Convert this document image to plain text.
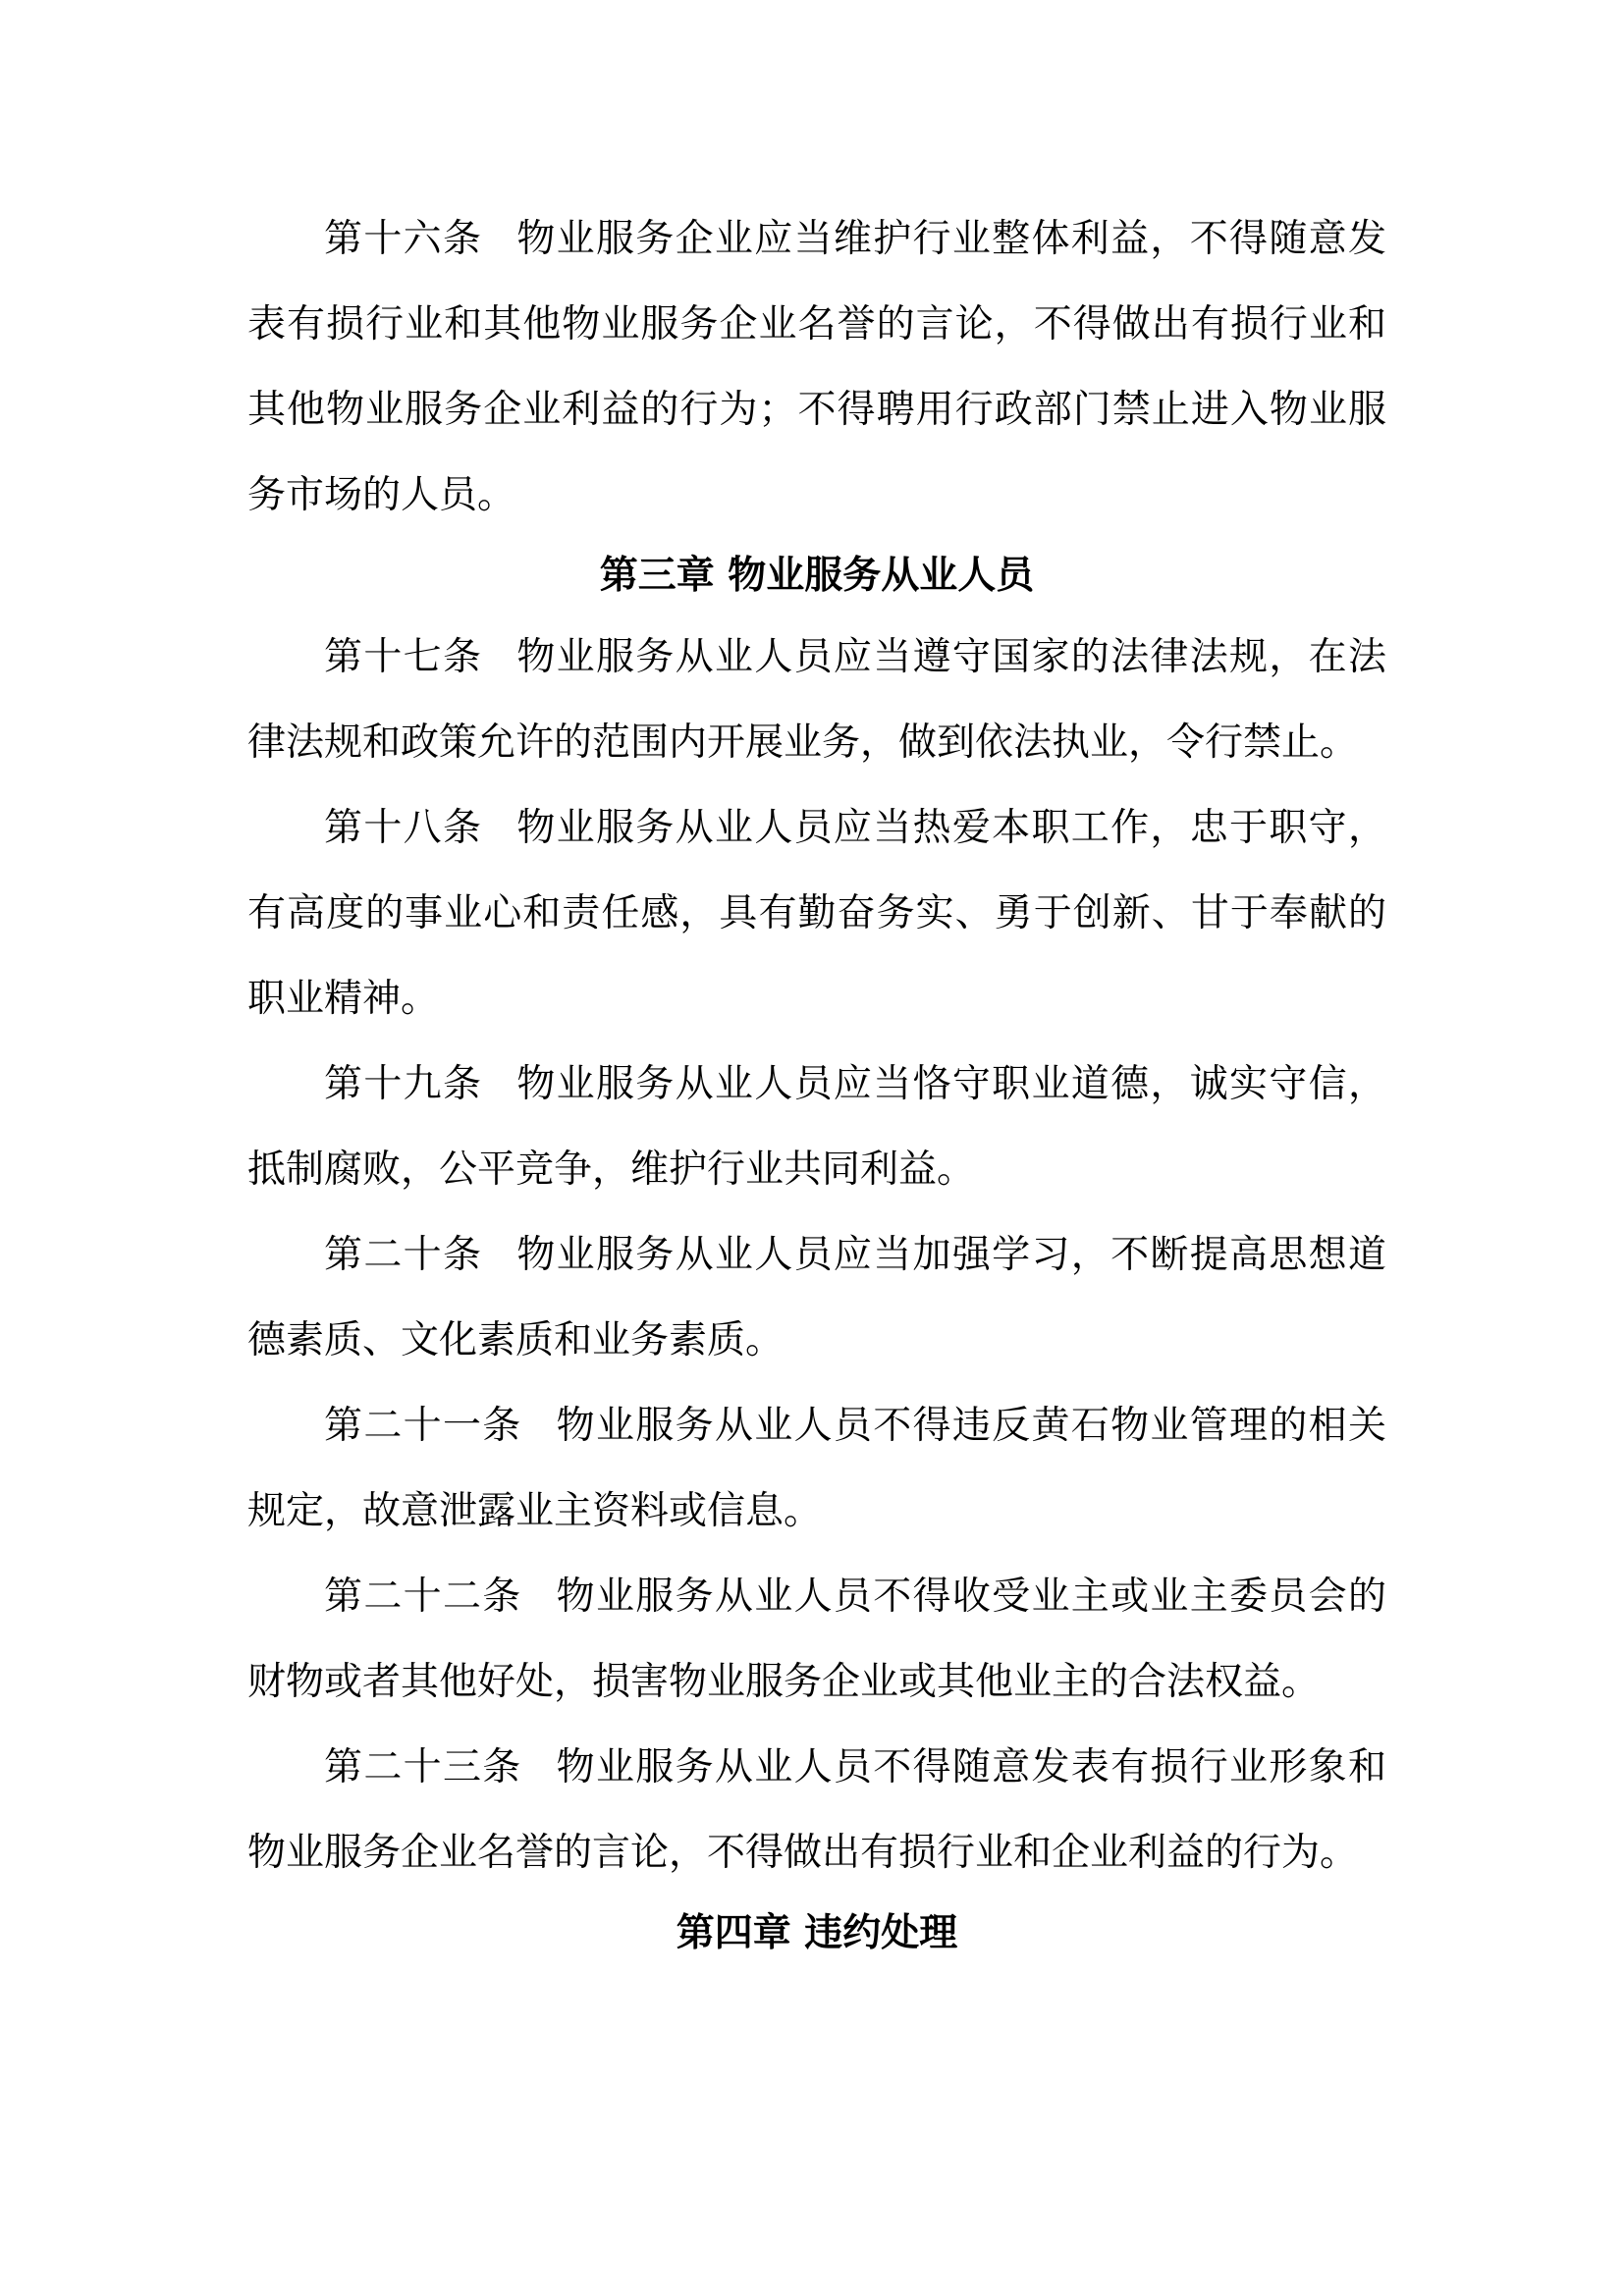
第十六条 物业服务企业应当维护行业整体利益，不得随意发表有损行业和其他物业服务企业名誉的言论，不得做出有损行业和其他物业服务企业利益的行为；不得聘用行政部门禁止进入物业服务市场的人员。

第三章 物业服务从业人员

第十七条 物业服务从业人员应当遵守国家的法律法规，在法律法规和政策允许的范围内开展业务，做到依法执业，令行禁止。

第十八条 物业服务从业人员应当热爱本职工作，忠于职守，有高度的事业心和责任感，具有勤奋务实、勇于创新、甘于奉献的职业精神。

第十九条 物业服务从业人员应当恪守职业道德，诚实守信，抵制腐败，公平竞争，维护行业共同利益。

第二十条 物业服务从业人员应当加强学习，不断提高思想道德素质、文化素质和业务素质。

第二十一条 物业服务从业人员不得违反黄石物业管理的相关规定，故意泄露业主资料或信息。

第二十二条 物业服务从业人员不得收受业主或业主委员会的财物或者其他好处，损害物业服务企业或其他业主的合法权益。

第二十三条 物业服务从业人员不得随意发表有损行业形象和物业服务企业名誉的言论，不得做出有损行业和企业利益的行为。

第四章 违约处理
